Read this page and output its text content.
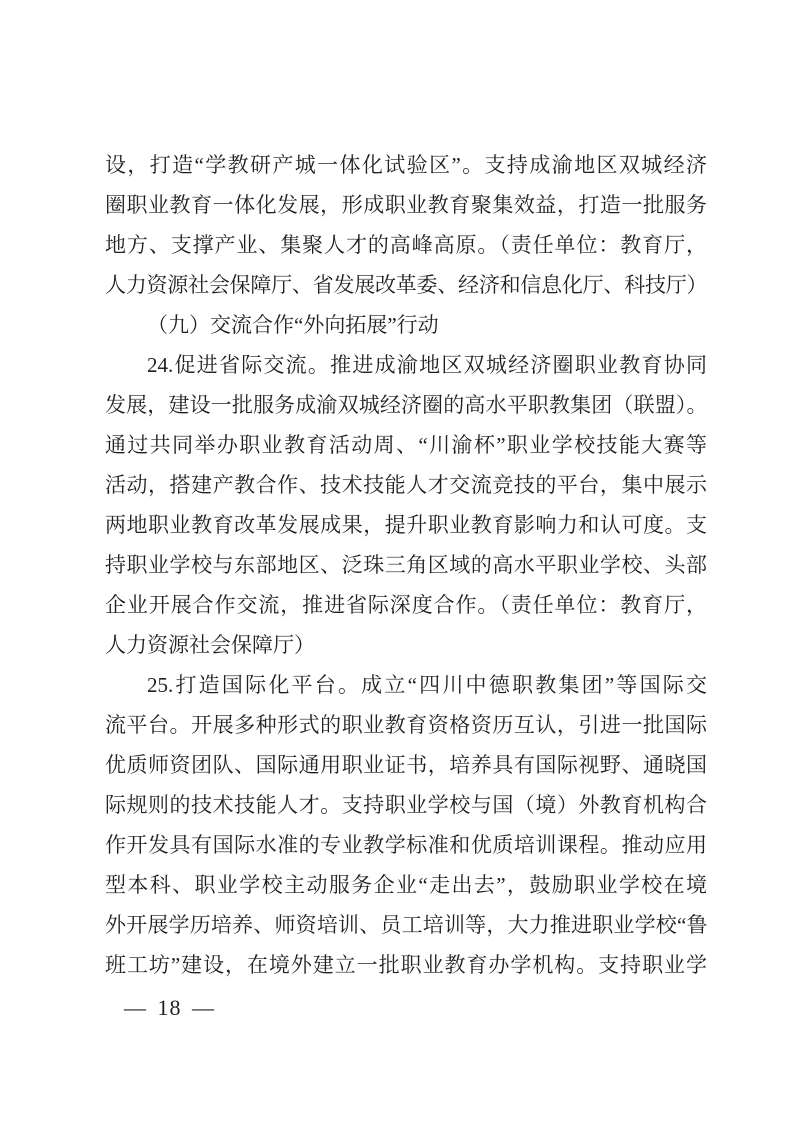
设，打造“学教研产城一体化试验区”。支持成渝地区双城经济
圈职业教育一体化发展，形成职业教育聚集效益，打造一批服务
地方、支撑产业、集聚人才的高峰高原。（责任单位：教育厅，
人力资源社会保障厅、省发展改革委、经济和信息化厅、科技厅）
（九）交流合作“外向拓展”行动
24.促进省际交流。推进成渝地区双城经济圈职业教育协同
发展，建设一批服务成渝双城经济圈的高水平职教集团（联盟）。
通过共同举办职业教育活动周、“川渝杯”职业学校技能大赛等
活动，搭建产教合作、技术技能人才交流竞技的平台，集中展示
两地职业教育改革发展成果，提升职业教育影响力和认可度。支
持职业学校与东部地区、泛珠三角区域的高水平职业学校、头部
企业开展合作交流，推进省际深度合作。（责任单位：教育厅，
人力资源社会保障厅）
25.打造国际化平台。成立“四川中德职教集团”等国际交
流平台。开展多种形式的职业教育资格资历互认，引进一批国际
优质师资团队、国际通用职业证书，培养具有国际视野、通晓国
际规则的技术技能人才。支持职业学校与国（境）外教育机构合
作开发具有国际水准的专业教学标准和优质培训课程。推动应用
型本科、职业学校主动服务企业“走出去”，鼓励职业学校在境
外开展学历培养、师资培训、员工培训等，大力推进职业学校“鲁
班工坊”建设，在境外建立一批职业教育办学机构。支持职业学
— 18 —
